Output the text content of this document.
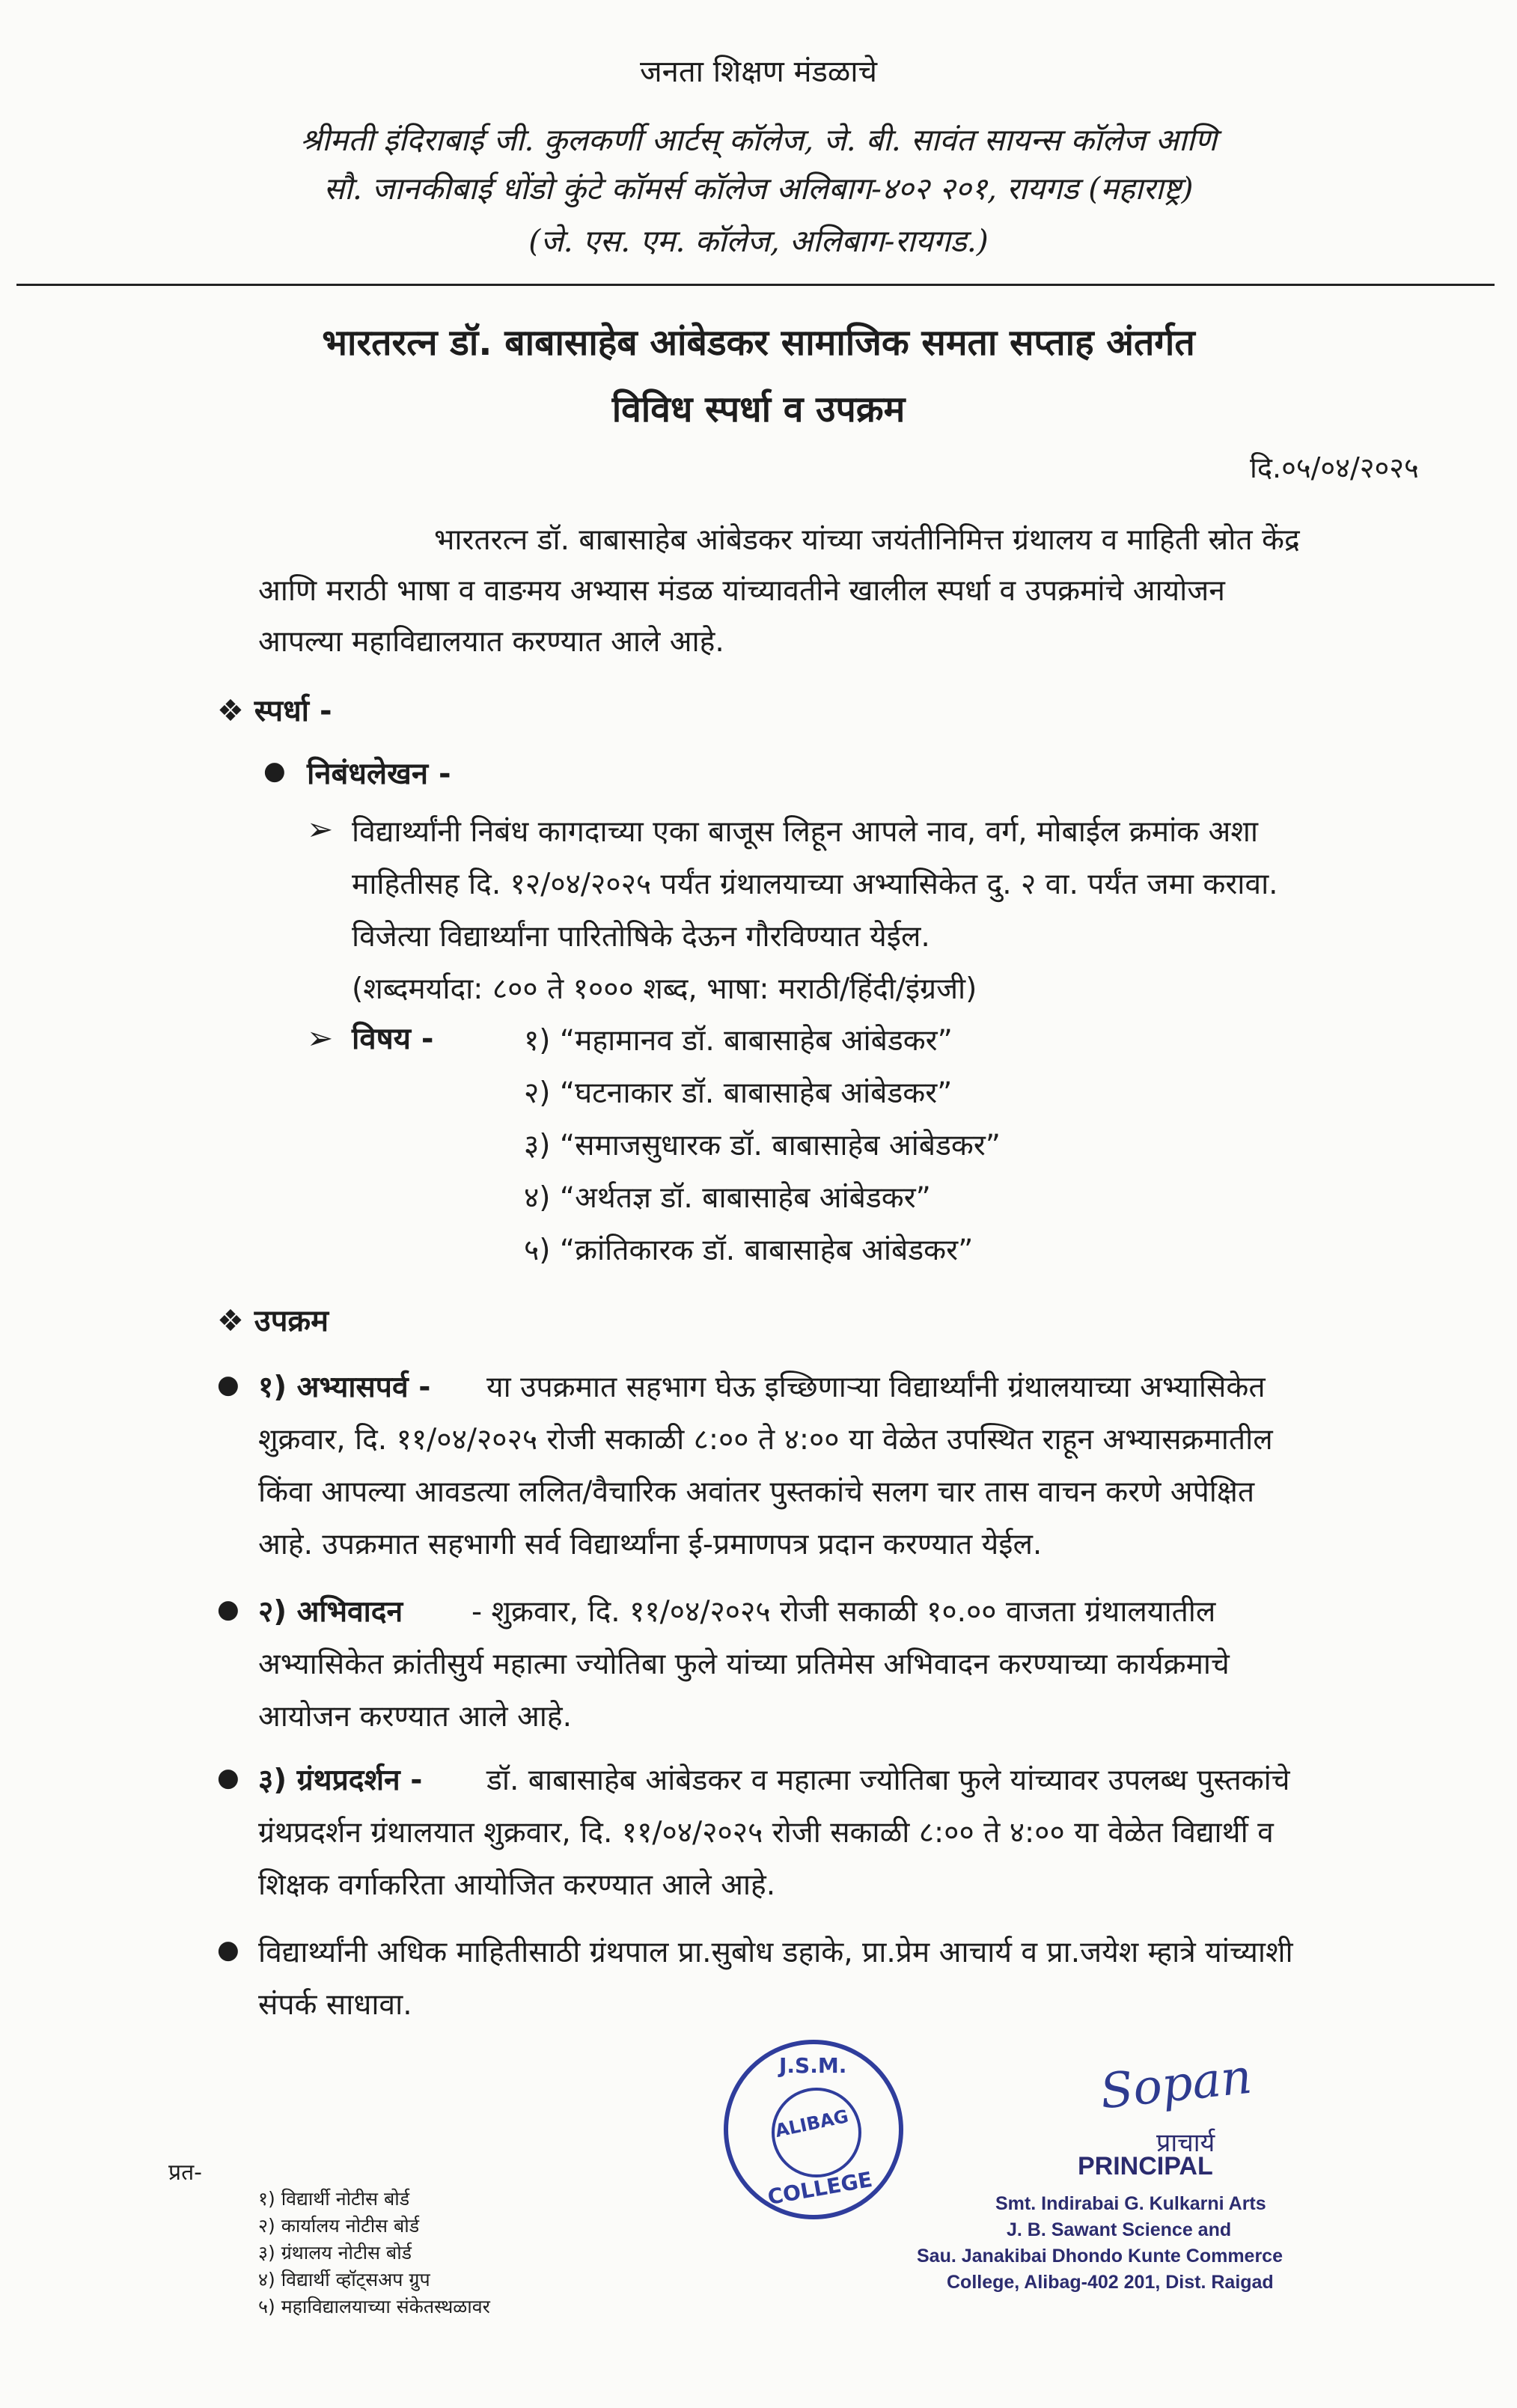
जनता शिक्षण मंडळाचे
श्रीमती इंदिराबाई जी. कुलकर्णी आर्टस् कॉलेज, जे. बी. सावंत सायन्स कॉलेज आणि
सौ. जानकीबाई धोंडो कुंटे कॉमर्स कॉलेज अलिबाग-४०२ २०१, रायगड (महाराष्ट्र)
(जे. एस. एम. कॉलेज, अलिबाग-रायगड.)
भारतरत्न डॉ. बाबासाहेब आंबेडकर सामाजिक समता सप्ताह अंतर्गत
विविध स्पर्धा व उपक्रम
दि.०५/०४/२०२५
भारतरत्न डॉ. बाबासाहेब आंबेडकर यांच्या जयंतीनिमित्त ग्रंथालय व माहिती स्रोत केंद्र
आणि मराठी भाषा व वाङमय अभ्यास मंडळ यांच्यावतीने खालील स्पर्धा व उपक्रमांचे आयोजन
आपल्या महाविद्यालयात करण्यात आले आहे.
❖ स्पर्धा -
● निबंधलेखन -
➢ विद्यार्थ्यांनी निबंध कागदाच्या एका बाजूस लिहून आपले नाव, वर्ग, मोबाईल क्रमांक अशा
माहितीसह दि. १२/०४/२०२५ पर्यंत ग्रंथालयाच्या अभ्यासिकेत दु. २ वा. पर्यंत जमा करावा.
विजेत्या विद्यार्थ्यांना पारितोषिके देऊन गौरविण्यात येईल.
(शब्दमर्यादा: ८०० ते १००० शब्द, भाषा: मराठी/हिंदी/इंग्रजी)
➢ विषय -	१) “महामानव डॉ. बाबासाहेब आंबेडकर”
२) “घटनाकार डॉ. बाबासाहेब आंबेडकर”
३) “समाजसुधारक डॉ. बाबासाहेब आंबेडकर”
४) “अर्थतज्ञ डॉ. बाबासाहेब आंबेडकर”
५) “क्रांतिकारक डॉ. बाबासाहेब आंबेडकर”
❖ उपक्रम
● १) अभ्यासपर्व - या उपक्रमात सहभाग घेऊ इच्छिणाऱ्या विद्यार्थ्यांनी ग्रंथालयाच्या अभ्यासिकेत
शुक्रवार, दि. ११/०४/२०२५ रोजी सकाळी ८:०० ते ४:०० या वेळेत उपस्थित राहून अभ्यासक्रमातील
किंवा आपल्या आवडत्या ललित/वैचारिक अवांतर पुस्तकांचे सलग चार तास वाचन करणे अपेक्षित
आहे. उपक्रमात सहभागी सर्व विद्यार्थ्यांना ई-प्रमाणपत्र प्रदान करण्यात येईल.
● २) अभिवादन - शुक्रवार, दि. ११/०४/२०२५ रोजी सकाळी १०.०० वाजता ग्रंथालयातील
अभ्यासिकेत क्रांतीसुर्य महात्मा ज्योतिबा फुले यांच्या प्रतिमेस अभिवादन करण्याच्या कार्यक्रमाचे
आयोजन करण्यात आले आहे.
● ३) ग्रंथप्रदर्शन - डॉ. बाबासाहेब आंबेडकर व महात्मा ज्योतिबा फुले यांच्यावर उपलब्ध पुस्तकांचे
ग्रंथप्रदर्शन ग्रंथालयात शुक्रवार, दि. ११/०४/२०२५ रोजी सकाळी ८:०० ते ४:०० या वेळेत विद्यार्थी व
शिक्षक वर्गाकरिता आयोजित करण्यात आले आहे.
● विद्यार्थ्यांनी अधिक माहितीसाठी ग्रंथपाल प्रा.सुबोध डहाके, प्रा.प्रेम आचार्य व प्रा.जयेश म्हात्रे यांच्याशी
संपर्क साधावा.
प्रत-
१) विद्यार्थी नोटीस बोर्ड
२) कार्यालय नोटीस बोर्ड
३) ग्रंथालय नोटीस बोर्ड
४) विद्यार्थी व्हॉट्सअप ग्रुप
५) महाविद्यालयाच्या संकेतस्थळावर
J.S.M.
ALIBAG
COLLEGE
Sopan
प्राचार्य
PRINCIPAL
Smt. Indirabai G. Kulkarni Arts
J. B. Sawant Science and
Sau. Janakibai Dhondo Kunte Commerce
College, Alibag-402 201, Dist. Raigad
